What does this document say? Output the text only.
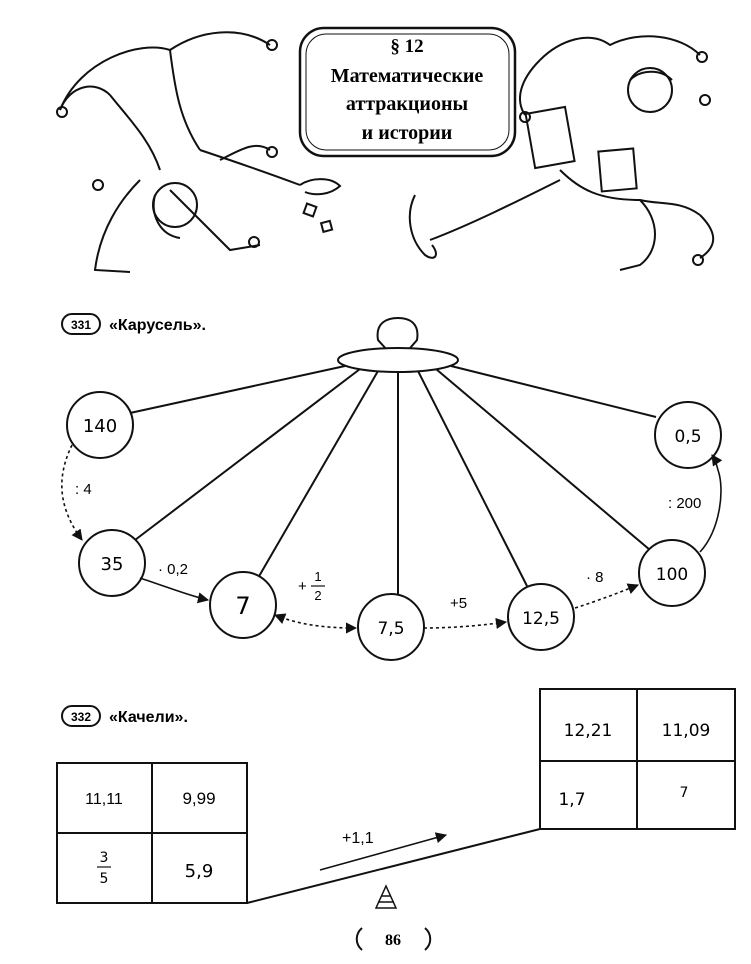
§ 12
Математические
аттракционы
и истории
331 «Карусель».
140
35
7
7,5	12,5
100
0,5
: 4
· 0,2
+
1
2	+5
· 8
: 200
332 «Качели».
11,11	9,99
3
5	5,9
12,21	11,09
1,7	7
+1,1
86
